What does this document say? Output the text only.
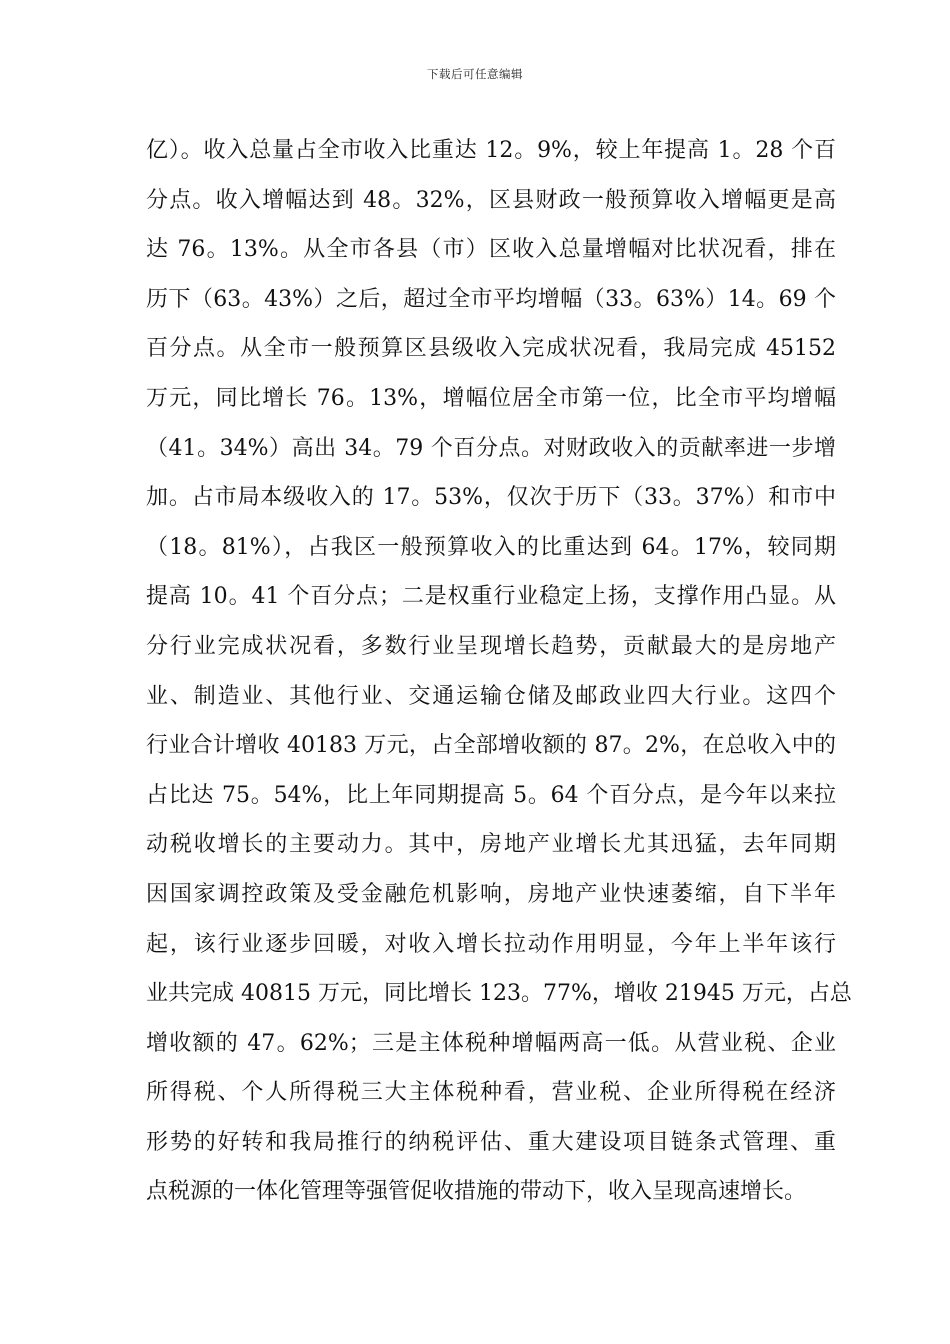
下载后可任意编辑
亿）。收入总量占全市收入比重达 12。9%，较上年提高 1。28 个百
分点。收入增幅达到 48。32%，区县财政一般预算收入增幅更是高
达 76。13%。从全市各县（市）区收入总量增幅对比状况看，排在
历下（63。43%）之后，超过全市平均增幅（33。63%）14。69 个
百分点。从全市一般预算区县级收入完成状况看，我局完成 45152
万元，同比增长 76。13%，增幅位居全市第一位，比全市平均增幅
（41。34%）高出 34。79 个百分点。对财政收入的贡献率进一步增
加。占市局本级收入的 17。53%，仅次于历下（33。37%）和市中
（18。81%），占我区一般预算收入的比重达到 64。17%，较同期
提高 10。41 个百分点；二是权重行业稳定上扬，支撑作用凸显。从
分行业完成状况看，多数行业呈现增长趋势，贡献最大的是房地产
业、制造业、其他行业、交通运输仓储及邮政业四大行业。这四个
行业合计增收 40183 万元，占全部增收额的 87。2%，在总收入中的
占比达 75。54%，比上年同期提高 5。64 个百分点，是今年以来拉
动税收增长的主要动力。其中，房地产业增长尤其迅猛，去年同期
因国家调控政策及受金融危机影响，房地产业快速萎缩，自下半年
起，该行业逐步回暖，对收入增长拉动作用明显，今年上半年该行
业共完成 40815 万元，同比增长 123。77%，增收 21945 万元，占总
增收额的 47。62%；三是主体税种增幅两高一低。从营业税、企业
所得税、个人所得税三大主体税种看，营业税、企业所得税在经济
形势的好转和我局推行的纳税评估、重大建设项目链条式管理、重
点税源的一体化管理等强管促收措施的带动下，收入呈现高速增长。
